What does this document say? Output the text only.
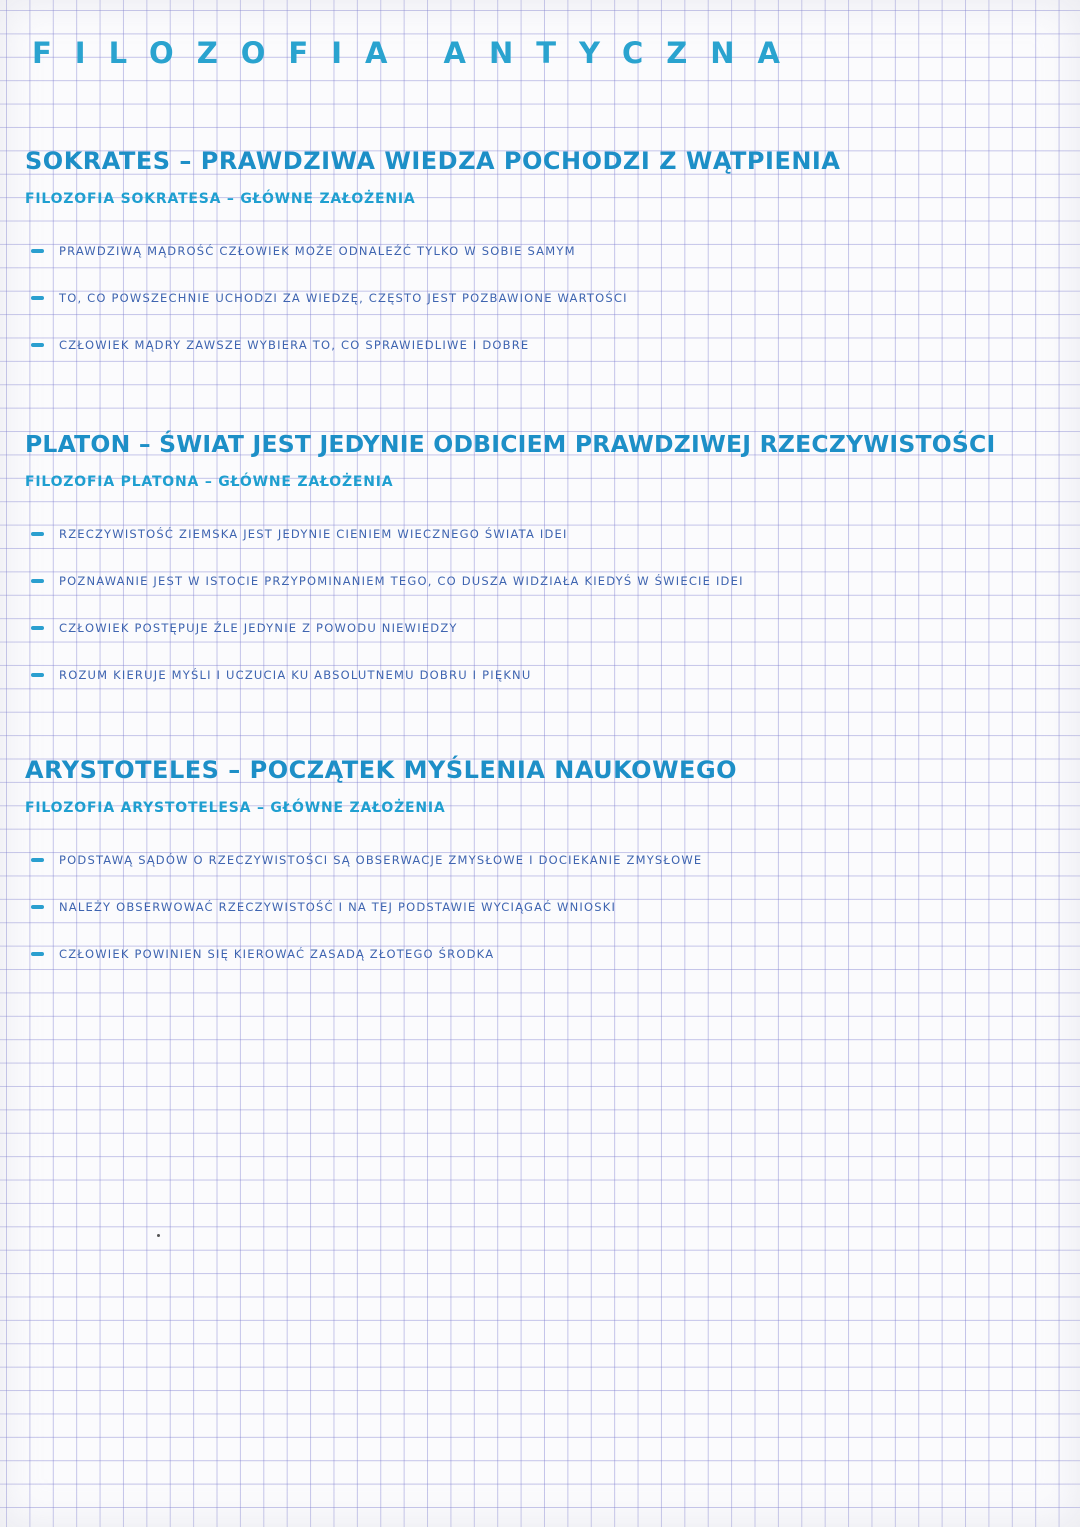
FILOZOFIA ANTYCZNA
SOKRATES – PRAWDZIWA WIEDZA POCHODZI Z WĄTPIENIA
FILOZOFIA SOKRATESA – GŁÓWNE ZAŁOŻENIA
PRAWDZIWĄ MĄDROŚĆ CZŁOWIEK MOŻE ODNALEŹĆ TYLKO W SOBIE SAMYM
TO, CO POWSZECHNIE UCHODZI ZA WIEDZĘ, CZĘSTO JEST POZBAWIONE WARTOŚCI
CZŁOWIEK MĄDRY ZAWSZE WYBIERA TO, CO SPRAWIEDLIWE I DOBRE
PLATON – ŚWIAT JEST JEDYNIE ODBICIEM PRAWDZIWEJ RZECZYWISTOŚCI
FILOZOFIA PLATONA – GŁÓWNE ZAŁOŻENIA
RZECZYWISTOŚĆ ZIEMSKA JEST JEDYNIE CIENIEM WIECZNEGO ŚWIATA IDEI
POZNAWANIE JEST W ISTOCIE PRZYPOMINANIEM TEGO, CO DUSZA WIDZIAŁA KIEDYŚ W ŚWIECIE IDEI
CZŁOWIEK POSTĘPUJE ŹLE JEDYNIE Z POWODU NIEWIEDZY
ROZUM KIERUJE MYŚLI I UCZUCIA KU ABSOLUTNEMU DOBRU I PIĘKNU
ARYSTOTELES – POCZĄTEK MYŚLENIA NAUKOWEGO
FILOZOFIA ARYSTOTELESA – GŁÓWNE ZAŁOŻENIA
PODSTAWĄ SĄDÓW O RZECZYWISTOŚCI SĄ OBSERWACJE ZMYSŁOWE I DOCIEKANIE ZMYSŁOWE
NALEŻY OBSERWOWAĆ RZECZYWISTOŚĆ I NA TEJ PODSTAWIE WYCIĄGAĆ WNIOSKI
CZŁOWIEK POWINIEN SIĘ KIEROWAĆ ZASADĄ ZŁOTEGO ŚRODKA
